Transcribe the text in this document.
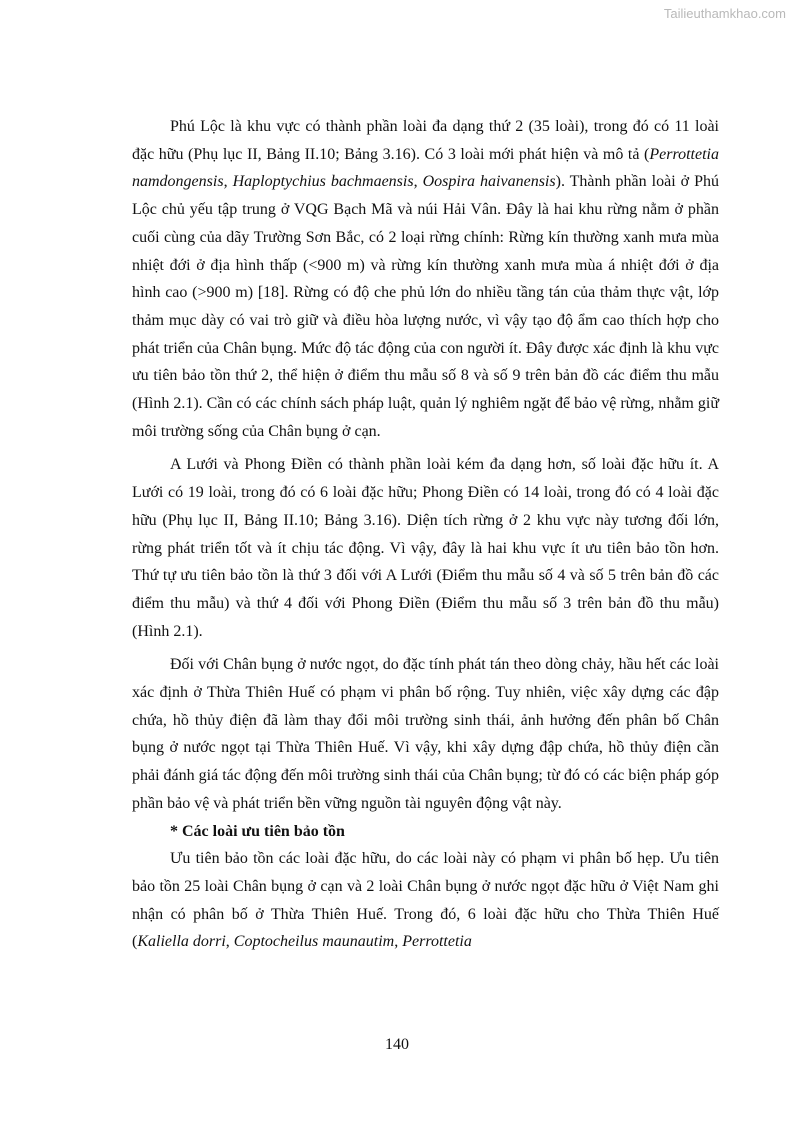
Tailieuthamkhao.com

Phú Lộc là khu vực có thành phần loài đa dạng thứ 2 (35 loài), trong đó có 11 loài đặc hữu (Phụ lục II, Bảng II.10; Bảng 3.16). Có 3 loài mới phát hiện và mô tả (Perrottetia namdongensis, Haploptychius bachmaensis, Oospira haivanensis). Thành phần loài ở Phú Lộc chủ yếu tập trung ở VQG Bạch Mã và núi Hải Vân. Đây là hai khu rừng nằm ở phần cuối cùng của dãy Trường Sơn Bắc, có 2 loại rừng chính: Rừng kín thường xanh mưa mùa nhiệt đới ở địa hình thấp (<900 m) và rừng kín thường xanh mưa mùa á nhiệt đới ở địa hình cao (>900 m) [18]. Rừng có độ che phủ lớn do nhiều tầng tán của thảm thực vật, lớp thảm mục dày có vai trò giữ và điều hòa lượng nước, vì vậy tạo độ ẩm cao thích hợp cho phát triển của Chân bụng. Mức độ tác động của con người ít. Đây được xác định là khu vực ưu tiên bảo tồn thứ 2, thể hiện ở điểm thu mẫu số 8 và số 9 trên bản đồ các điểm thu mẫu (Hình 2.1). Cần có các chính sách pháp luật, quản lý nghiêm ngặt để bảo vệ rừng, nhằm giữ môi trường sống của Chân bụng ở cạn.

A Lưới và Phong Điền có thành phần loài kém đa dạng hơn, số loài đặc hữu ít. A Lưới có 19 loài, trong đó có 6 loài đặc hữu; Phong Điền có 14 loài, trong đó có 4 loài đặc hữu (Phụ lục II, Bảng II.10; Bảng 3.16). Diện tích rừng ở 2 khu vực này tương đối lớn, rừng phát triển tốt và ít chịu tác động. Vì vậy, đây là hai khu vực ít ưu tiên bảo tồn hơn. Thứ tự ưu tiên bảo tồn là thứ 3 đối với A Lưới (Điểm thu mẫu số 4 và số 5 trên bản đồ các điểm thu mẫu) và thứ 4 đối với Phong Điền (Điểm thu mẫu số 3 trên bản đồ thu mẫu) (Hình 2.1).

Đối với Chân bụng ở nước ngọt, do đặc tính phát tán theo dòng chảy, hầu hết các loài xác định ở Thừa Thiên Huế có phạm vi phân bố rộng. Tuy nhiên, việc xây dựng các đập chứa, hồ thủy điện đã làm thay đổi môi trường sinh thái, ảnh hưởng đến phân bố Chân bụng ở nước ngọt tại Thừa Thiên Huế. Vì vậy, khi xây dựng đập chứa, hồ thủy điện cần phải đánh giá tác động đến môi trường sinh thái của Chân bụng; từ đó có các biện pháp góp phần bảo vệ và phát triển bền vững nguồn tài nguyên động vật này.

* Các loài ưu tiên bảo tồn

Ưu tiên bảo tồn các loài đặc hữu, do các loài này có phạm vi phân bố hẹp. Ưu tiên bảo tồn 25 loài Chân bụng ở cạn và 2 loài Chân bụng ở nước ngọt đặc hữu ở Việt Nam ghi nhận có phân bố ở Thừa Thiên Huế. Trong đó, 6 loài đặc hữu cho Thừa Thiên Huế (Kaliella dorri, Coptocheilus maunautim, Perrottetia

140
